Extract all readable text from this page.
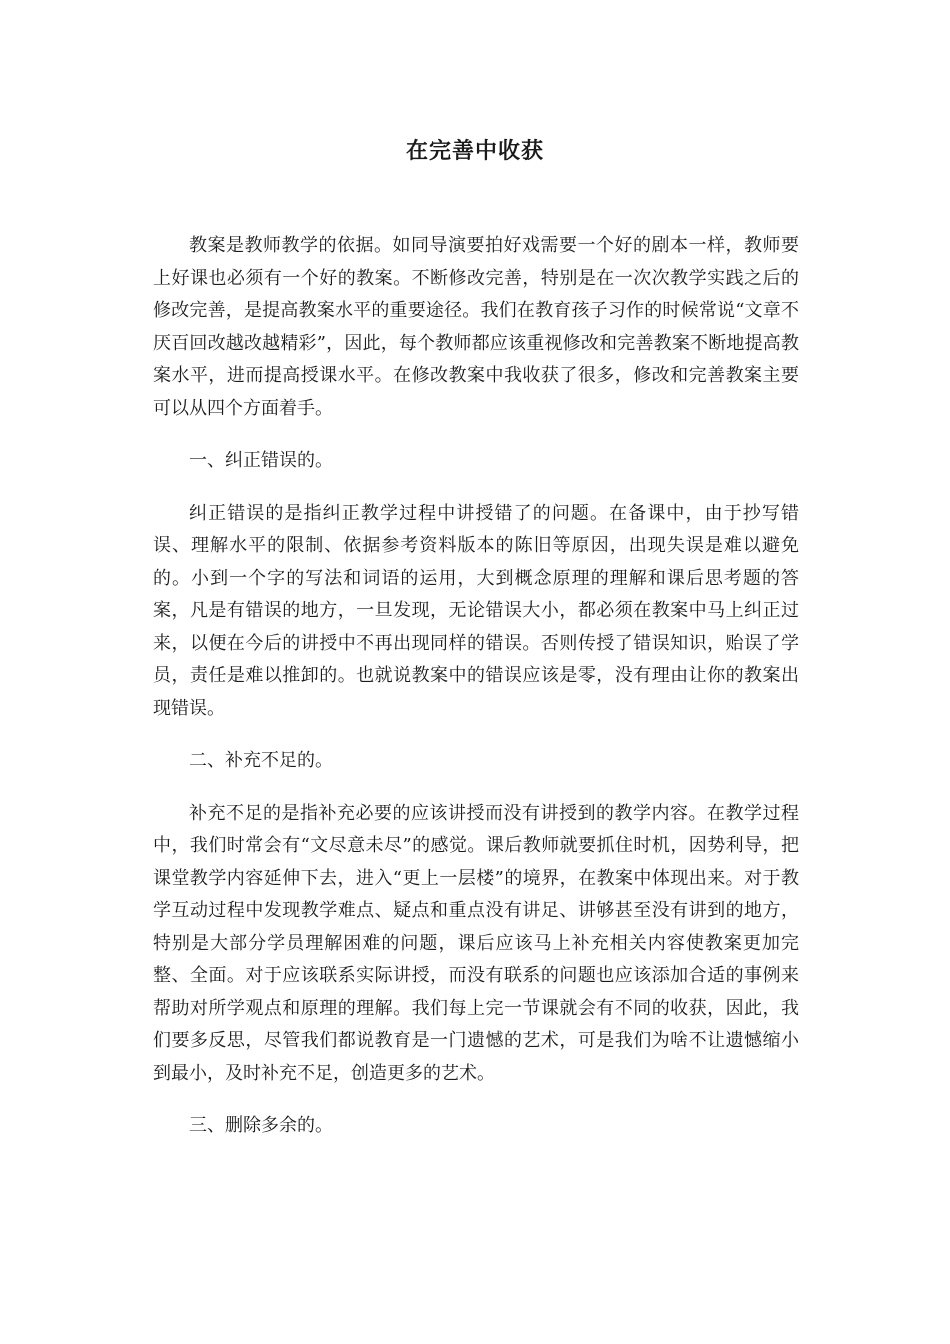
在完善中收获

教案是教师教学的依据。如同导演要拍好戏需要一个好的剧本一样，教师要上好课也必须有一个好的教案。不断修改完善，特别是在一次次教学实践之后的修改完善，是提高教案水平的重要途径。我们在教育孩子习作的时候常说“文章不厌百回改越改越精彩”，因此，每个教师都应该重视修改和完善教案不断地提高教案水平，进而提高授课水平。在修改教案中我收获了很多，修改和完善教案主要可以从四个方面着手。

一、纠正错误的。

纠正错误的是指纠正教学过程中讲授错了的问题。在备课中，由于抄写错误、理解水平的限制、依据参考资料版本的陈旧等原因，出现失误是难以避免的。小到一个字的写法和词语的运用，大到概念原理的理解和课后思考题的答案，凡是有错误的地方，一旦发现，无论错误大小，都必须在教案中马上纠正过来，以便在今后的讲授中不再出现同样的错误。否则传授了错误知识，贻误了学员，责任是难以推卸的。也就说教案中的错误应该是零，没有理由让你的教案出现错误。

二、补充不足的。

补充不足的是指补充必要的应该讲授而没有讲授到的教学内容。在教学过程中，我们时常会有“文尽意未尽”的感觉。课后教师就要抓住时机，因势利导，把课堂教学内容延伸下去，进入“更上一层楼”的境界，在教案中体现出来。对于教学互动过程中发现教学难点、疑点和重点没有讲足、讲够甚至没有讲到的地方，特别是大部分学员理解困难的问题，课后应该马上补充相关内容使教案更加完整、全面。对于应该联系实际讲授，而没有联系的问题也应该添加合适的事例来帮助对所学观点和原理的理解。我们每上完一节课就会有不同的收获，因此，我们要多反思，尽管我们都说教育是一门遗憾的艺术，可是我们为啥不让遗憾缩小到最小，及时补充不足，创造更多的艺术。

三、删除多余的。
